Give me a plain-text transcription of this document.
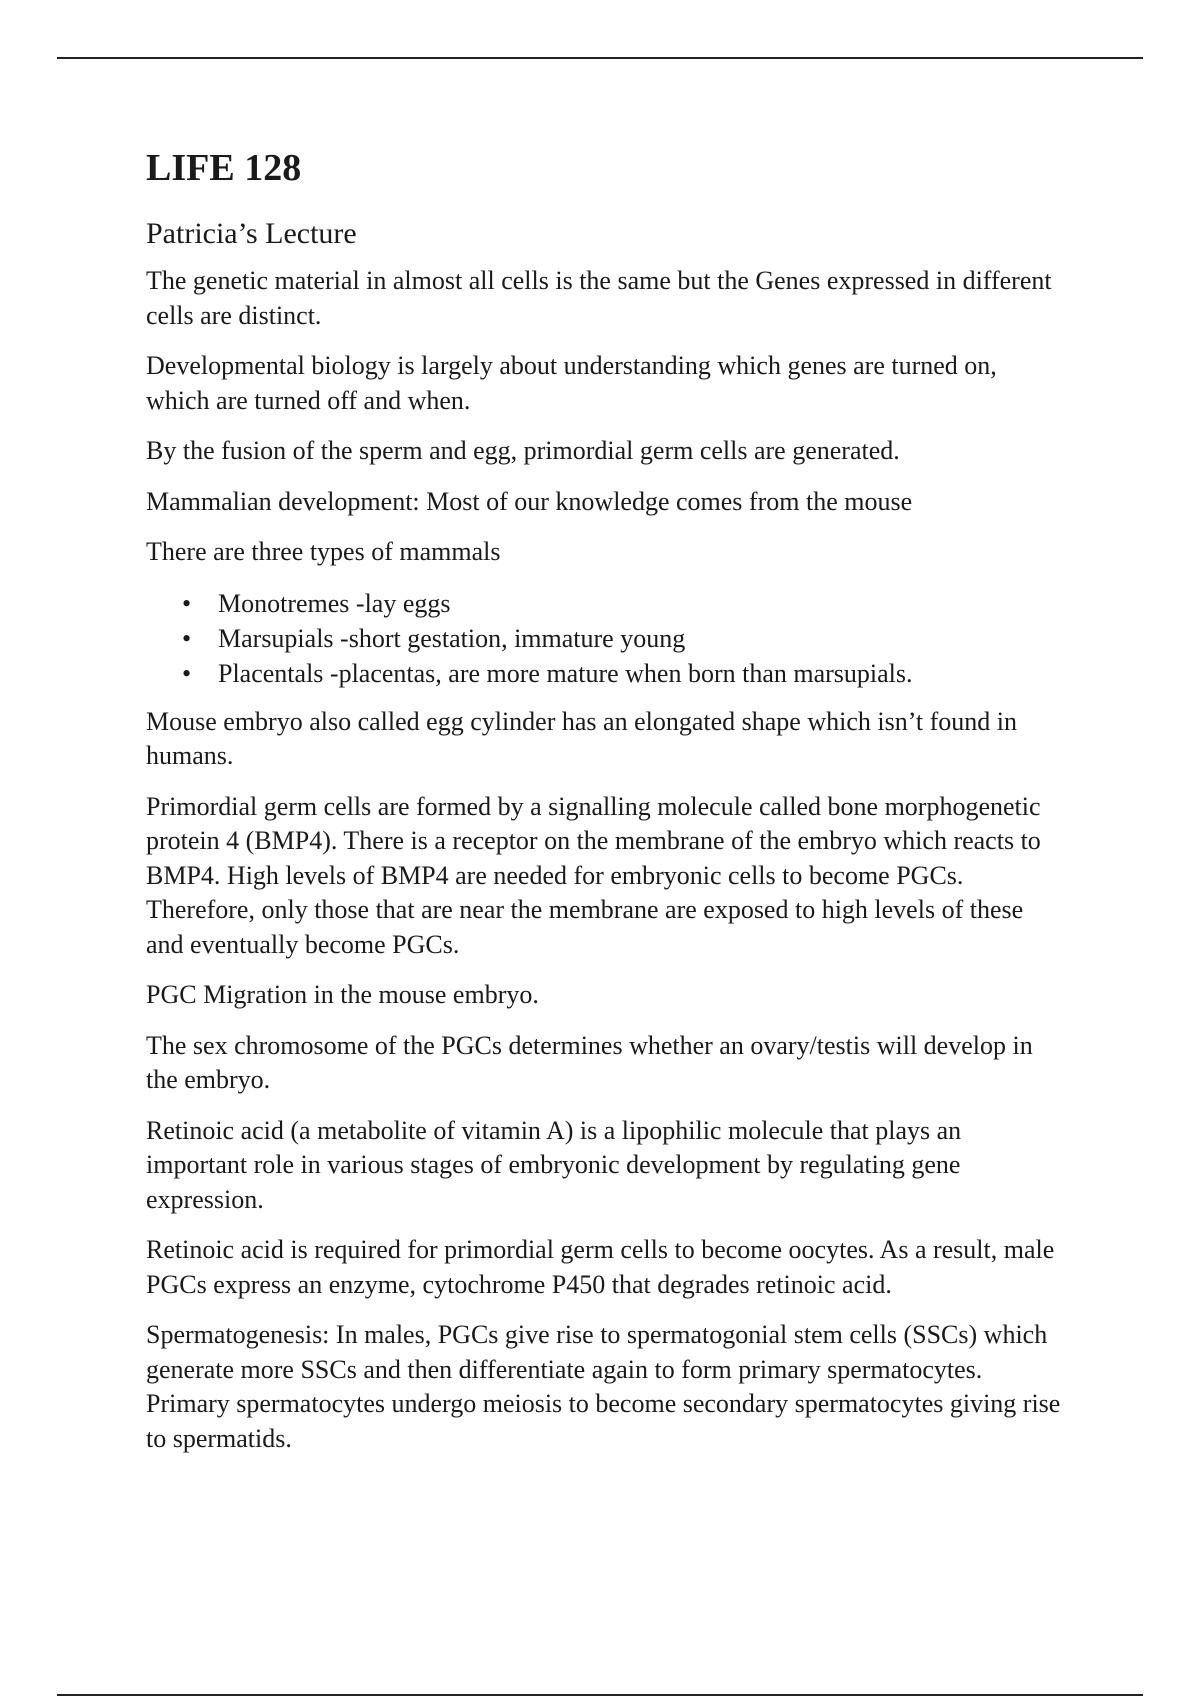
LIFE 128
Patricia’s Lecture

The genetic material in almost all cells is the same but the Genes expressed in different cells are distinct.

Developmental biology is largely about understanding which genes are turned on, which are turned off and when.

By the fusion of the sperm and egg, primordial germ cells are generated.

Mammalian development: Most of our knowledge comes from the mouse

There are three types of mammals

• Monotremes -lay eggs
• Marsupials -short gestation, immature young
• Placentals -placentas, are more mature when born than marsupials.

Mouse embryo also called egg cylinder has an elongated shape which isn’t found in humans.

Primordial germ cells are formed by a signalling molecule called bone morphogenetic protein 4 (BMP4). There is a receptor on the membrane of the embryo which reacts to BMP4. High levels of BMP4 are needed for embryonic cells to become PGCs. Therefore, only those that are near the membrane are exposed to high levels of these and eventually become PGCs.

PGC Migration in the mouse embryo.

The sex chromosome of the PGCs determines whether an ovary/testis will develop in the embryo.

Retinoic acid (a metabolite of vitamin A) is a lipophilic molecule that plays an important role in various stages of embryonic development by regulating gene expression.

Retinoic acid is required for primordial germ cells to become oocytes. As a result, male PGCs express an enzyme, cytochrome P450 that degrades retinoic acid.

Spermatogenesis: In males, PGCs give rise to spermatogonial stem cells (SSCs) which generate more SSCs and then differentiate again to form primary spermatocytes. Primary spermatocytes undergo meiosis to become secondary spermatocytes giving rise to spermatids.
